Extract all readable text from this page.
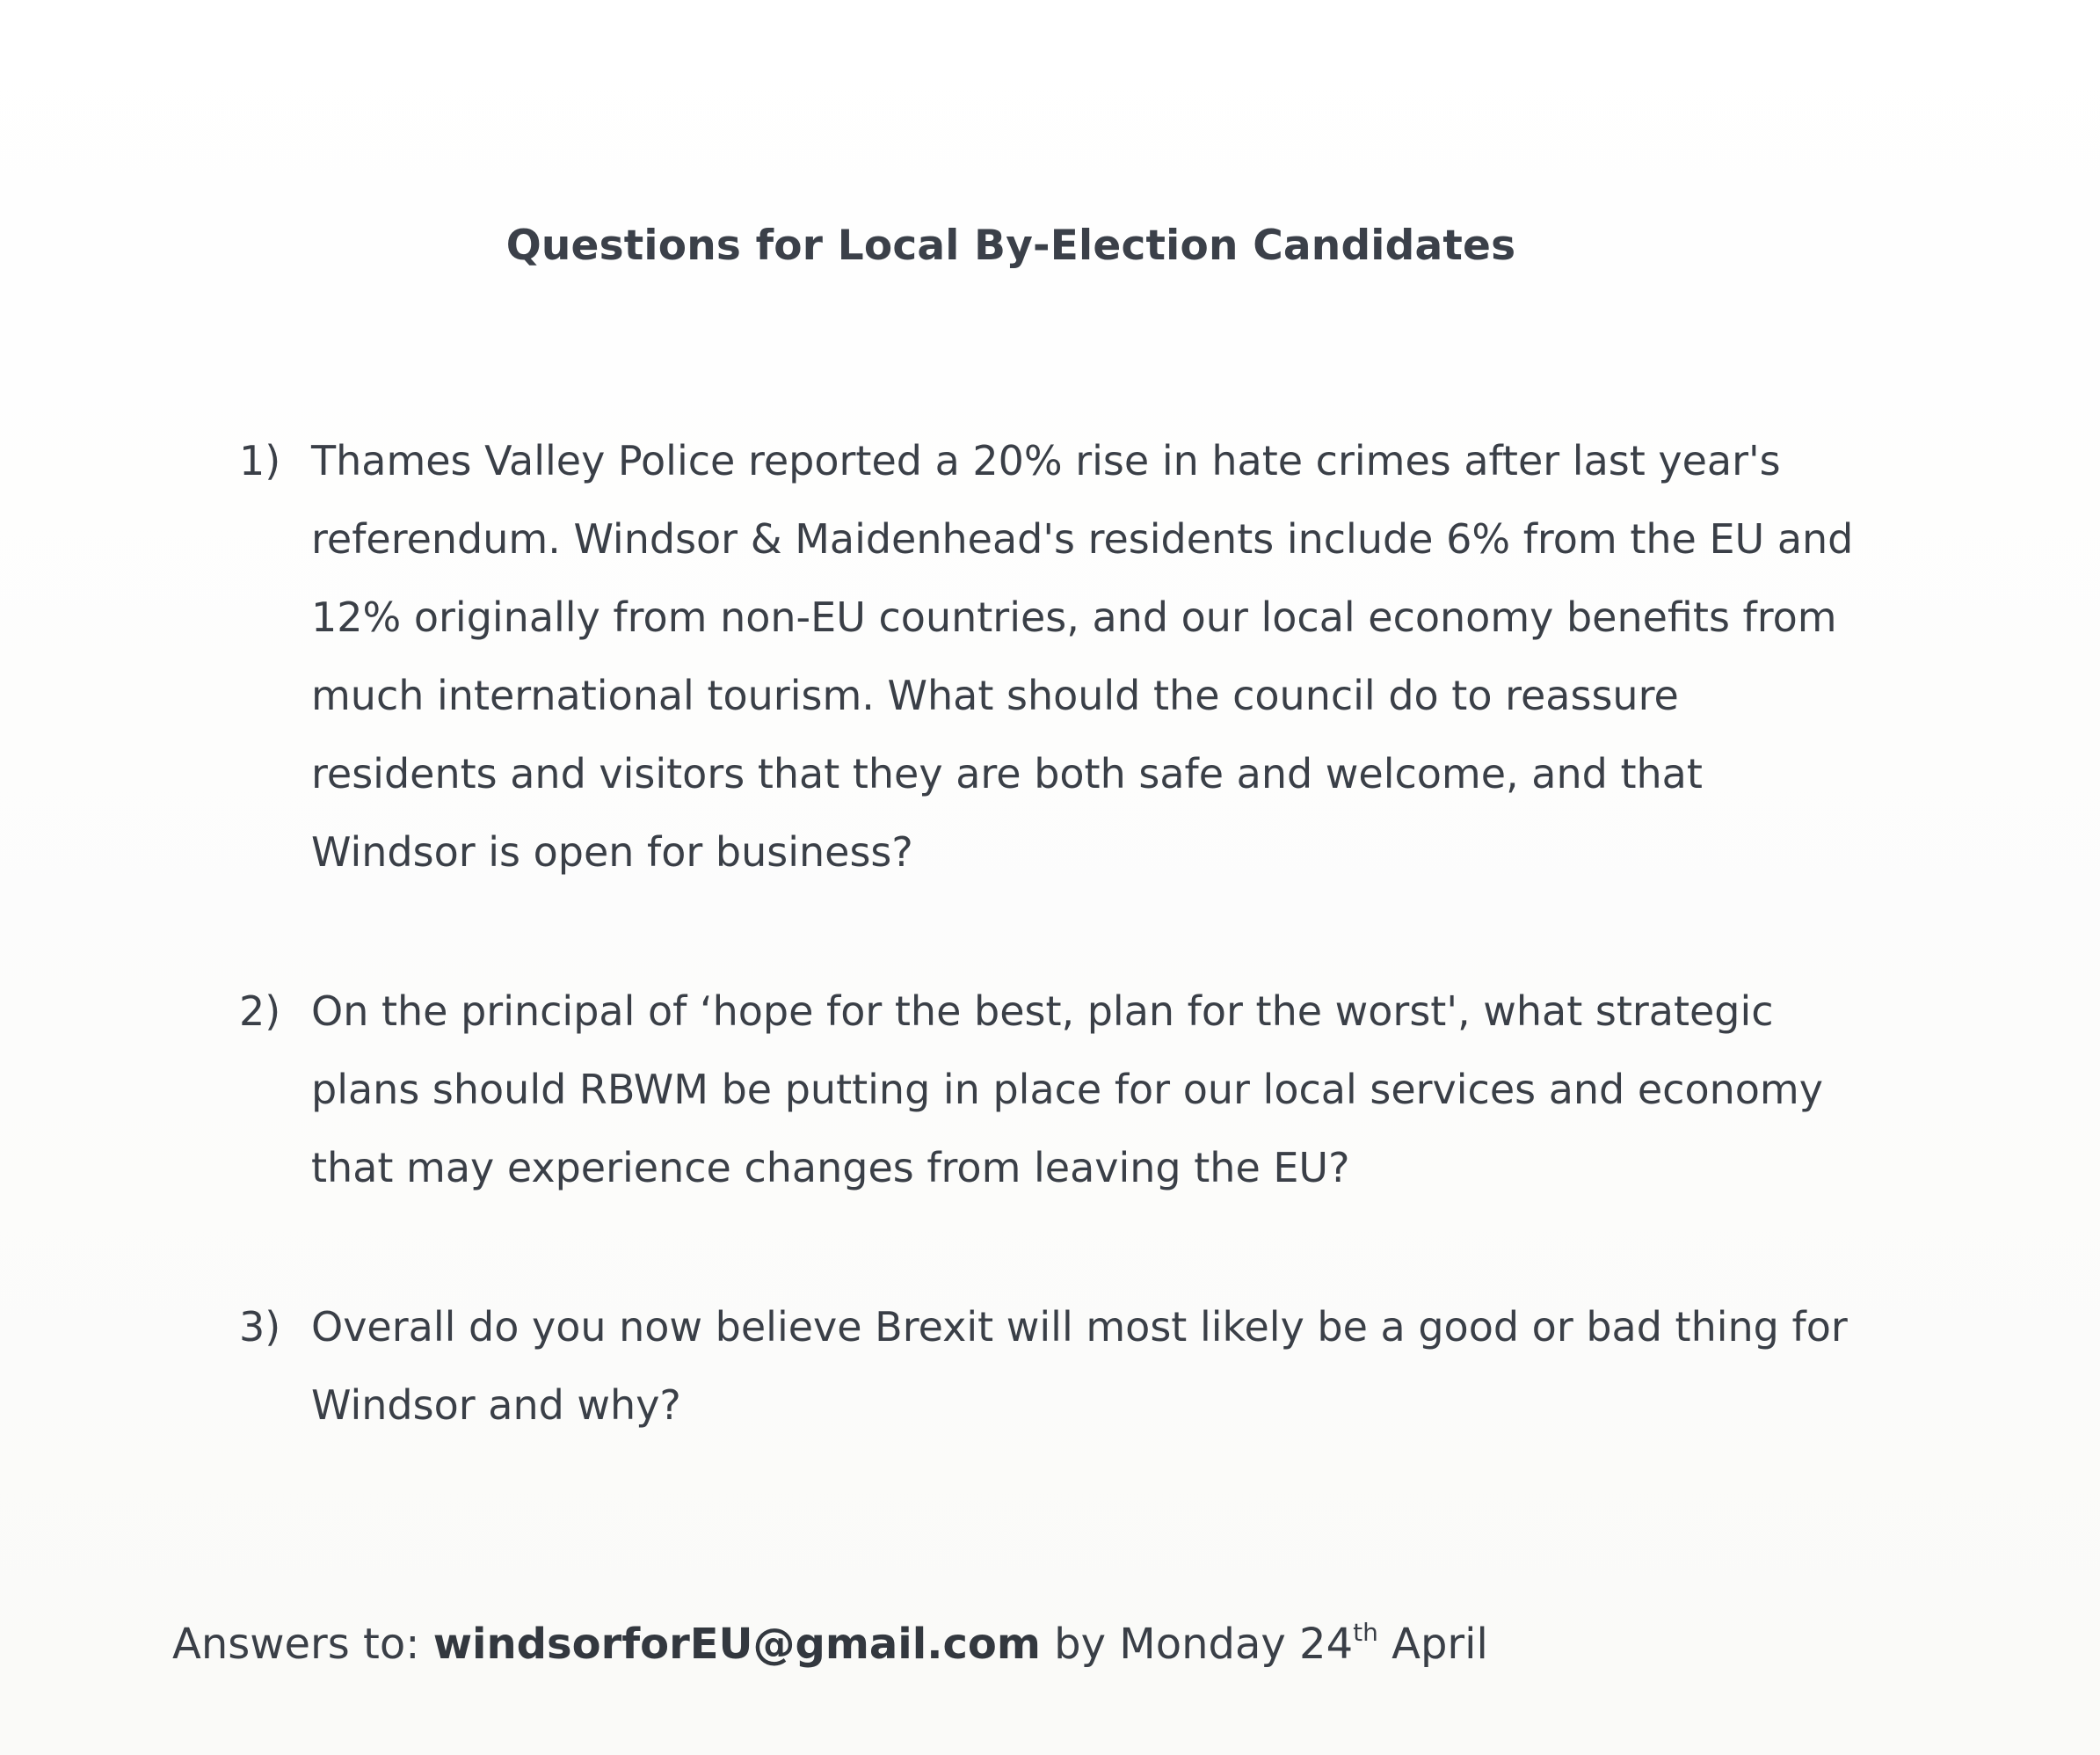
Questions for Local By-Election Candidates
1) Thames Valley Police reported a 20% rise in hate crimes after last year's referendum. Windsor & Maidenhead's residents include 6% from the EU and 12% originally from non-EU countries, and our local economy benefits from much international tourism. What should the council do to reassure residents and visitors that they are both safe and welcome, and that Windsor is open for business?
2) On the principal of ‘hope for the best, plan for the worst', what strategic plans should RBWM be putting in place for our local services and economy that may experience changes from leaving the EU?
3) Overall do you now believe Brexit will most likely be a good or bad thing for Windsor and why?
Answers to: windsorforEU@gmail.com by Monday 24th April
